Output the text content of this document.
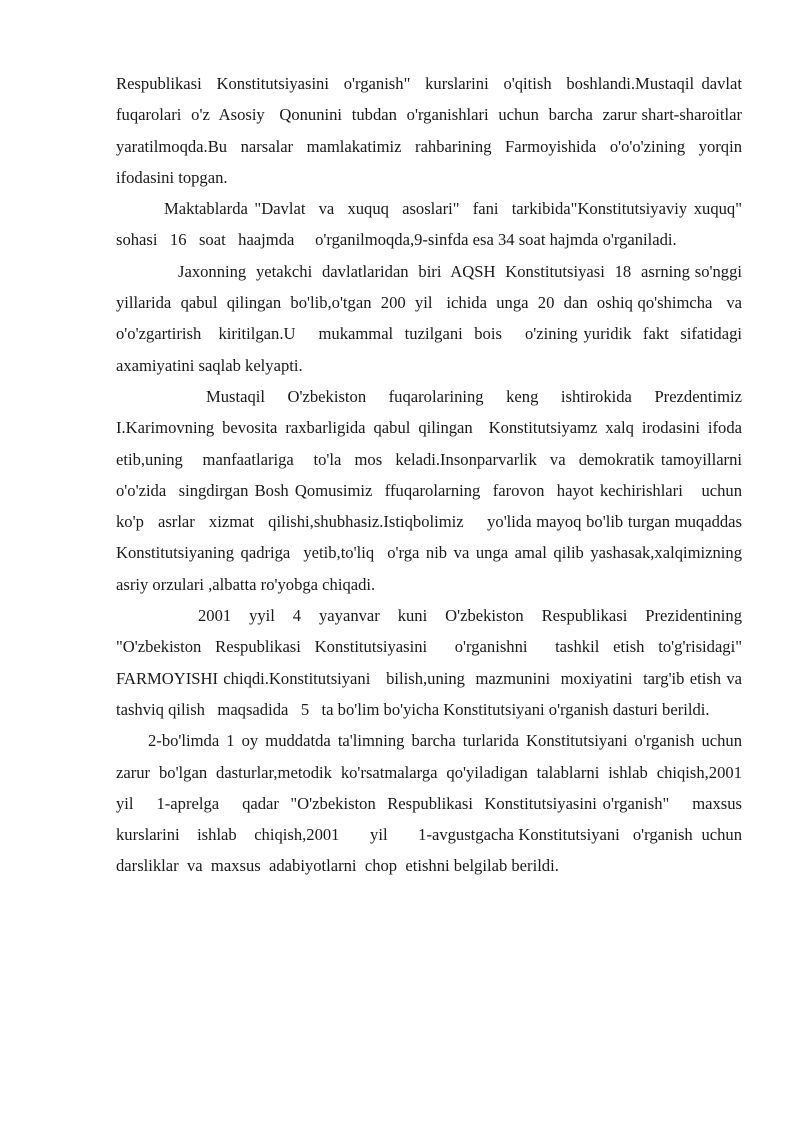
Respublikasi  Konstitutsiyasini  o'rganish"  kurslarini  o'qitish  boshlandi.Mustaqil davlat  fuqarolari  o'z  Asosiy   Qonunini  tubdan  o'rganishlari  uchun  barcha  zarur shart-sharoitlar yaratilmoqda.Bu narsalar mamlakatimiz rahbarining Farmoyishida o'o'o'zining yorqin ifodasini topgan.

Maktablarda "Davlat  va  xuquq  asoslari"  fani  tarkibida"Konstitutsiyaviy xuquq"   sohasi   16   soat   haajmda     o'rganilmoqda,9-sinfda esa 34 soat hajmda o'rganiladi.

Jaxonning  yetakchi  davlatlaridan  biri  AQSH  Konstitutsiyasi  18  asrning so'nggi  yillarida  qabul  qilingan  bo'lib,o'tgan  200  yil   ichida  unga  20  dan  oshiq qo'shimcha   va   o'o'zgartirish   kiritilgan.U    mukammal  tuzilgani  bois    o'zining yuridik  fakt  sifatidagi  axamiyatini saqlab kelyapti.

Mustaqil  O'zbekiston  fuqarolarining  keng  ishtirokida  Prezdentimiz I.Karimovning bevosita raxbarligida qabul qilingan  Konstitutsiyamz xalq irodasini ifoda   etib,uning   manfaatlariga   to'la  mos  keladi.Insonparvarlik  va  demokratik tamoyillarni o'o'zida  singdirgan Bosh Qomusimiz  ffuqarolarning  farovon  hayot kechirishlari   uchun   ko'p   asrlar   xizmat   qilishi,shubhasiz.Istiqbolimiz     yo'lida mayoq bo'lib turgan muqaddas Konstitutsiyaning qadriga  yetib,to'liq  o'rga nib va unga amal qilib yashasak,xalqimizning asriy orzulari ,albatta ro'yobga chiqadi.

2001  yyil  4  yayanvar  kuni  O'zbekiston  Respublikasi  Prezidentining "O'zbekiston Respublikasi Konstitutsiyasini  o'rganishni  tashkil etish to'g'risidagi" FARMOYISHI chiqdi.Konstitutsiyani   bilish,uning  mazmunini  moxiyatini  targ'ib etish va tashviq qilish   maqsadida   5   ta bo'lim bo'yicha Konstitutsiyani o'rganish dasturi berildi.

2-bo'limda 1 oy muddatda ta'limning barcha turlarida Konstitutsiyani o'rganish uchun zarur bo'lgan dasturlar,metodik ko'rsatmalarga qo'yiladigan talablarni ishlab chiqish,2001    yil    1-aprelga    qadar  "O'zbekiston  Respublikasi  Konstitutsiyasini o'rganish"    maxsus    kurslarini    ishlab    chiqish,2001       yil       1-avgustgacha Konstitutsiyani   o'rganish  uchun  darsliklar  va  maxsus  adabiyotlarni  chop  etishni belgilab berildi.
